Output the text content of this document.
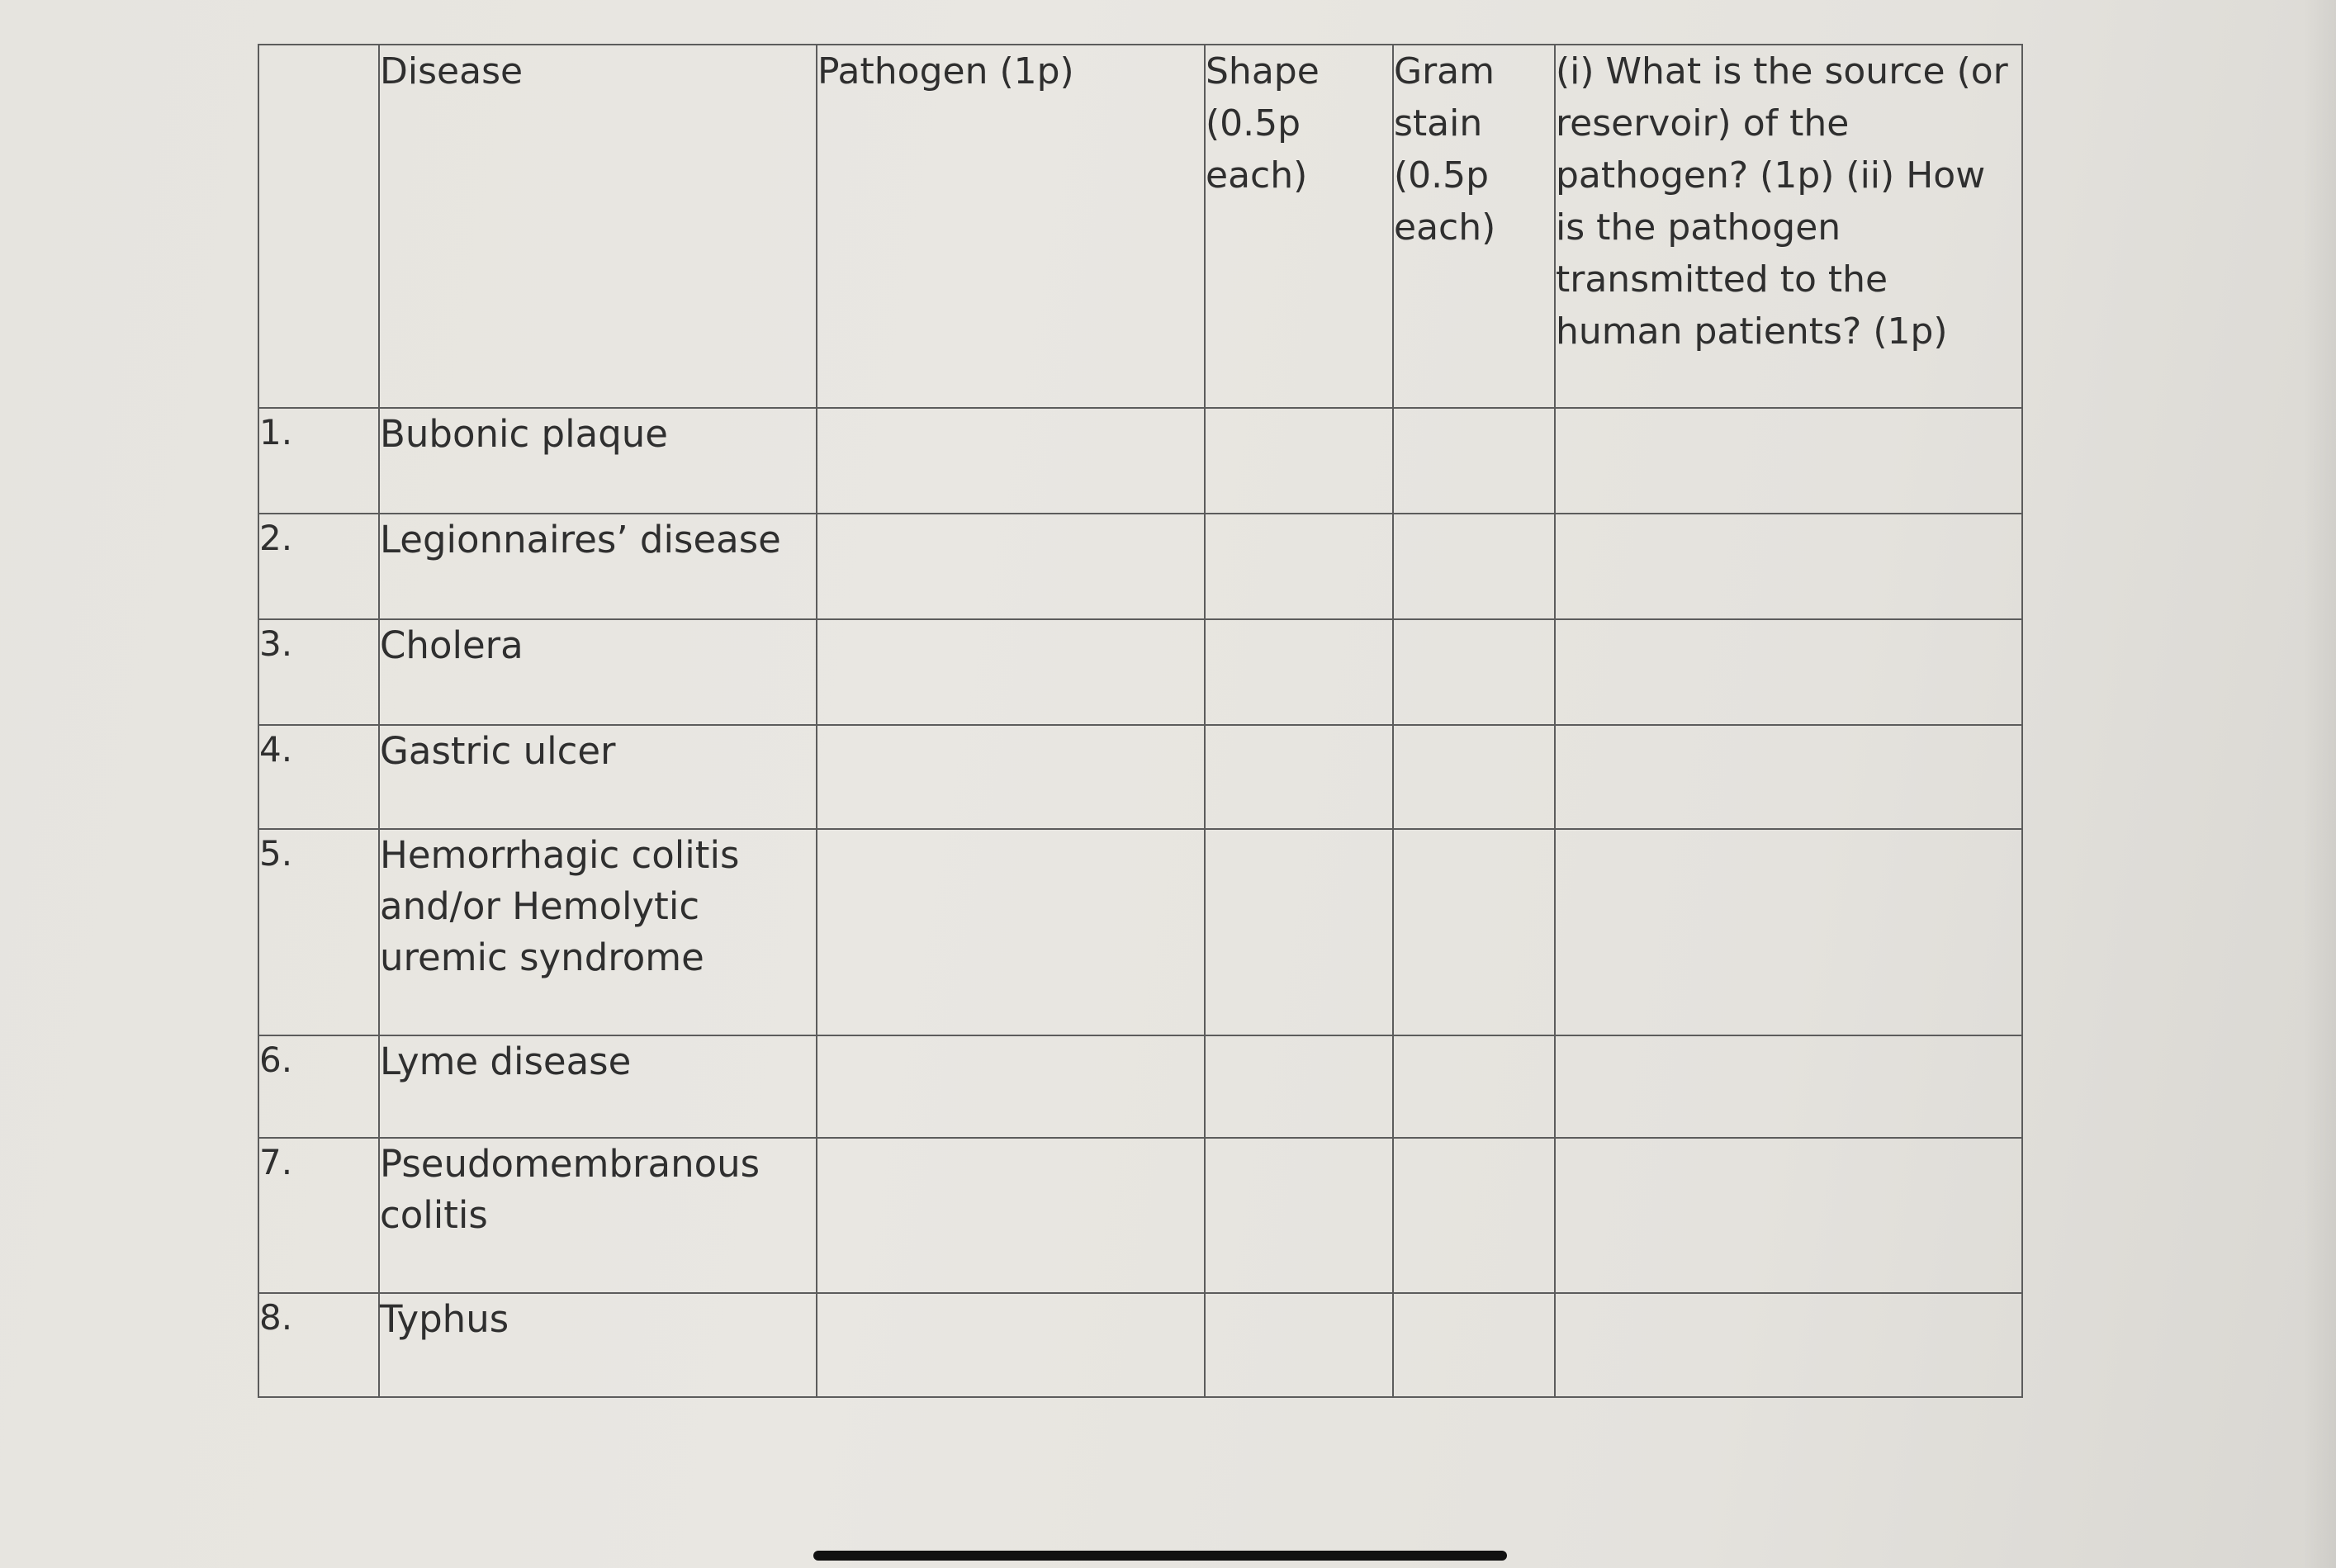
	Disease	Pathogen (1p)	Shape (0.5p each)	Gram stain (0.5p each)	(i) What is the source (or reservoir) of the pathogen? (1p) (ii) How is the pathogen transmitted to the human patients? (1p)
1.	Bubonic plaque				
2.	Legionnaires’ disease				
3.	Cholera				
4.	Gastric ulcer				
5.	Hemorrhagic colitis and/or Hemolytic uremic syndrome				
6.	Lyme disease				
7.	Pseudomembranous colitis				
8.	Typhus				
